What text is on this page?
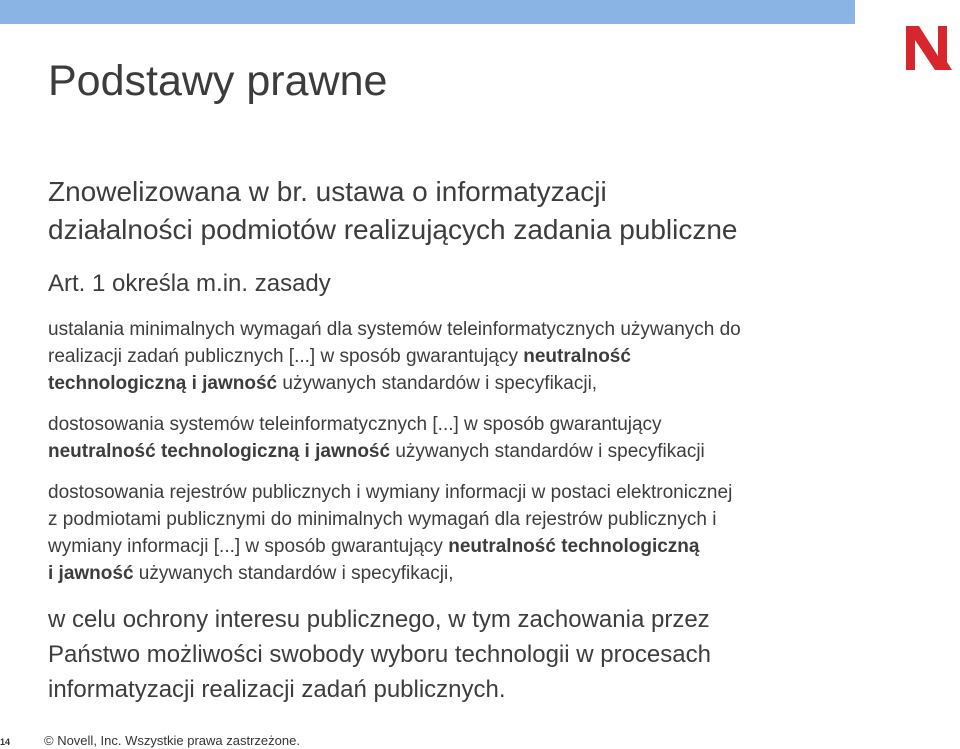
Podstawy prawne
Znowelizowana w br. ustawa o informatyzacji
działalności podmiotów realizujących zadania publiczne
Art. 1 określa m.in. zasady
ustalania minimalnych wymagań dla systemów teleinformatycznych używanych do
realizacji zadań publicznych [...] w sposób gwarantujący neutralność
technologiczną i jawność używanych standardów i specyfikacji,
dostosowania systemów teleinformatycznych [...] w sposób gwarantujący
neutralność technologiczną i jawność używanych standardów i specyfikacji
dostosowania rejestrów publicznych i wymiany informacji w postaci elektronicznej
z podmiotami publicznymi do minimalnych wymagań dla rejestrów publicznych i
wymiany informacji [...] w sposób gwarantujący neutralność technologiczną
i jawność używanych standardów i specyfikacji,
w celu ochrony interesu publicznego, w tym zachowania przez
Państwo możliwości swobody wyboru technologii w procesach
informatyzacji realizacji zadań publicznych.
14	© Novell, Inc. Wszystkie prawa zastrzeżone.
